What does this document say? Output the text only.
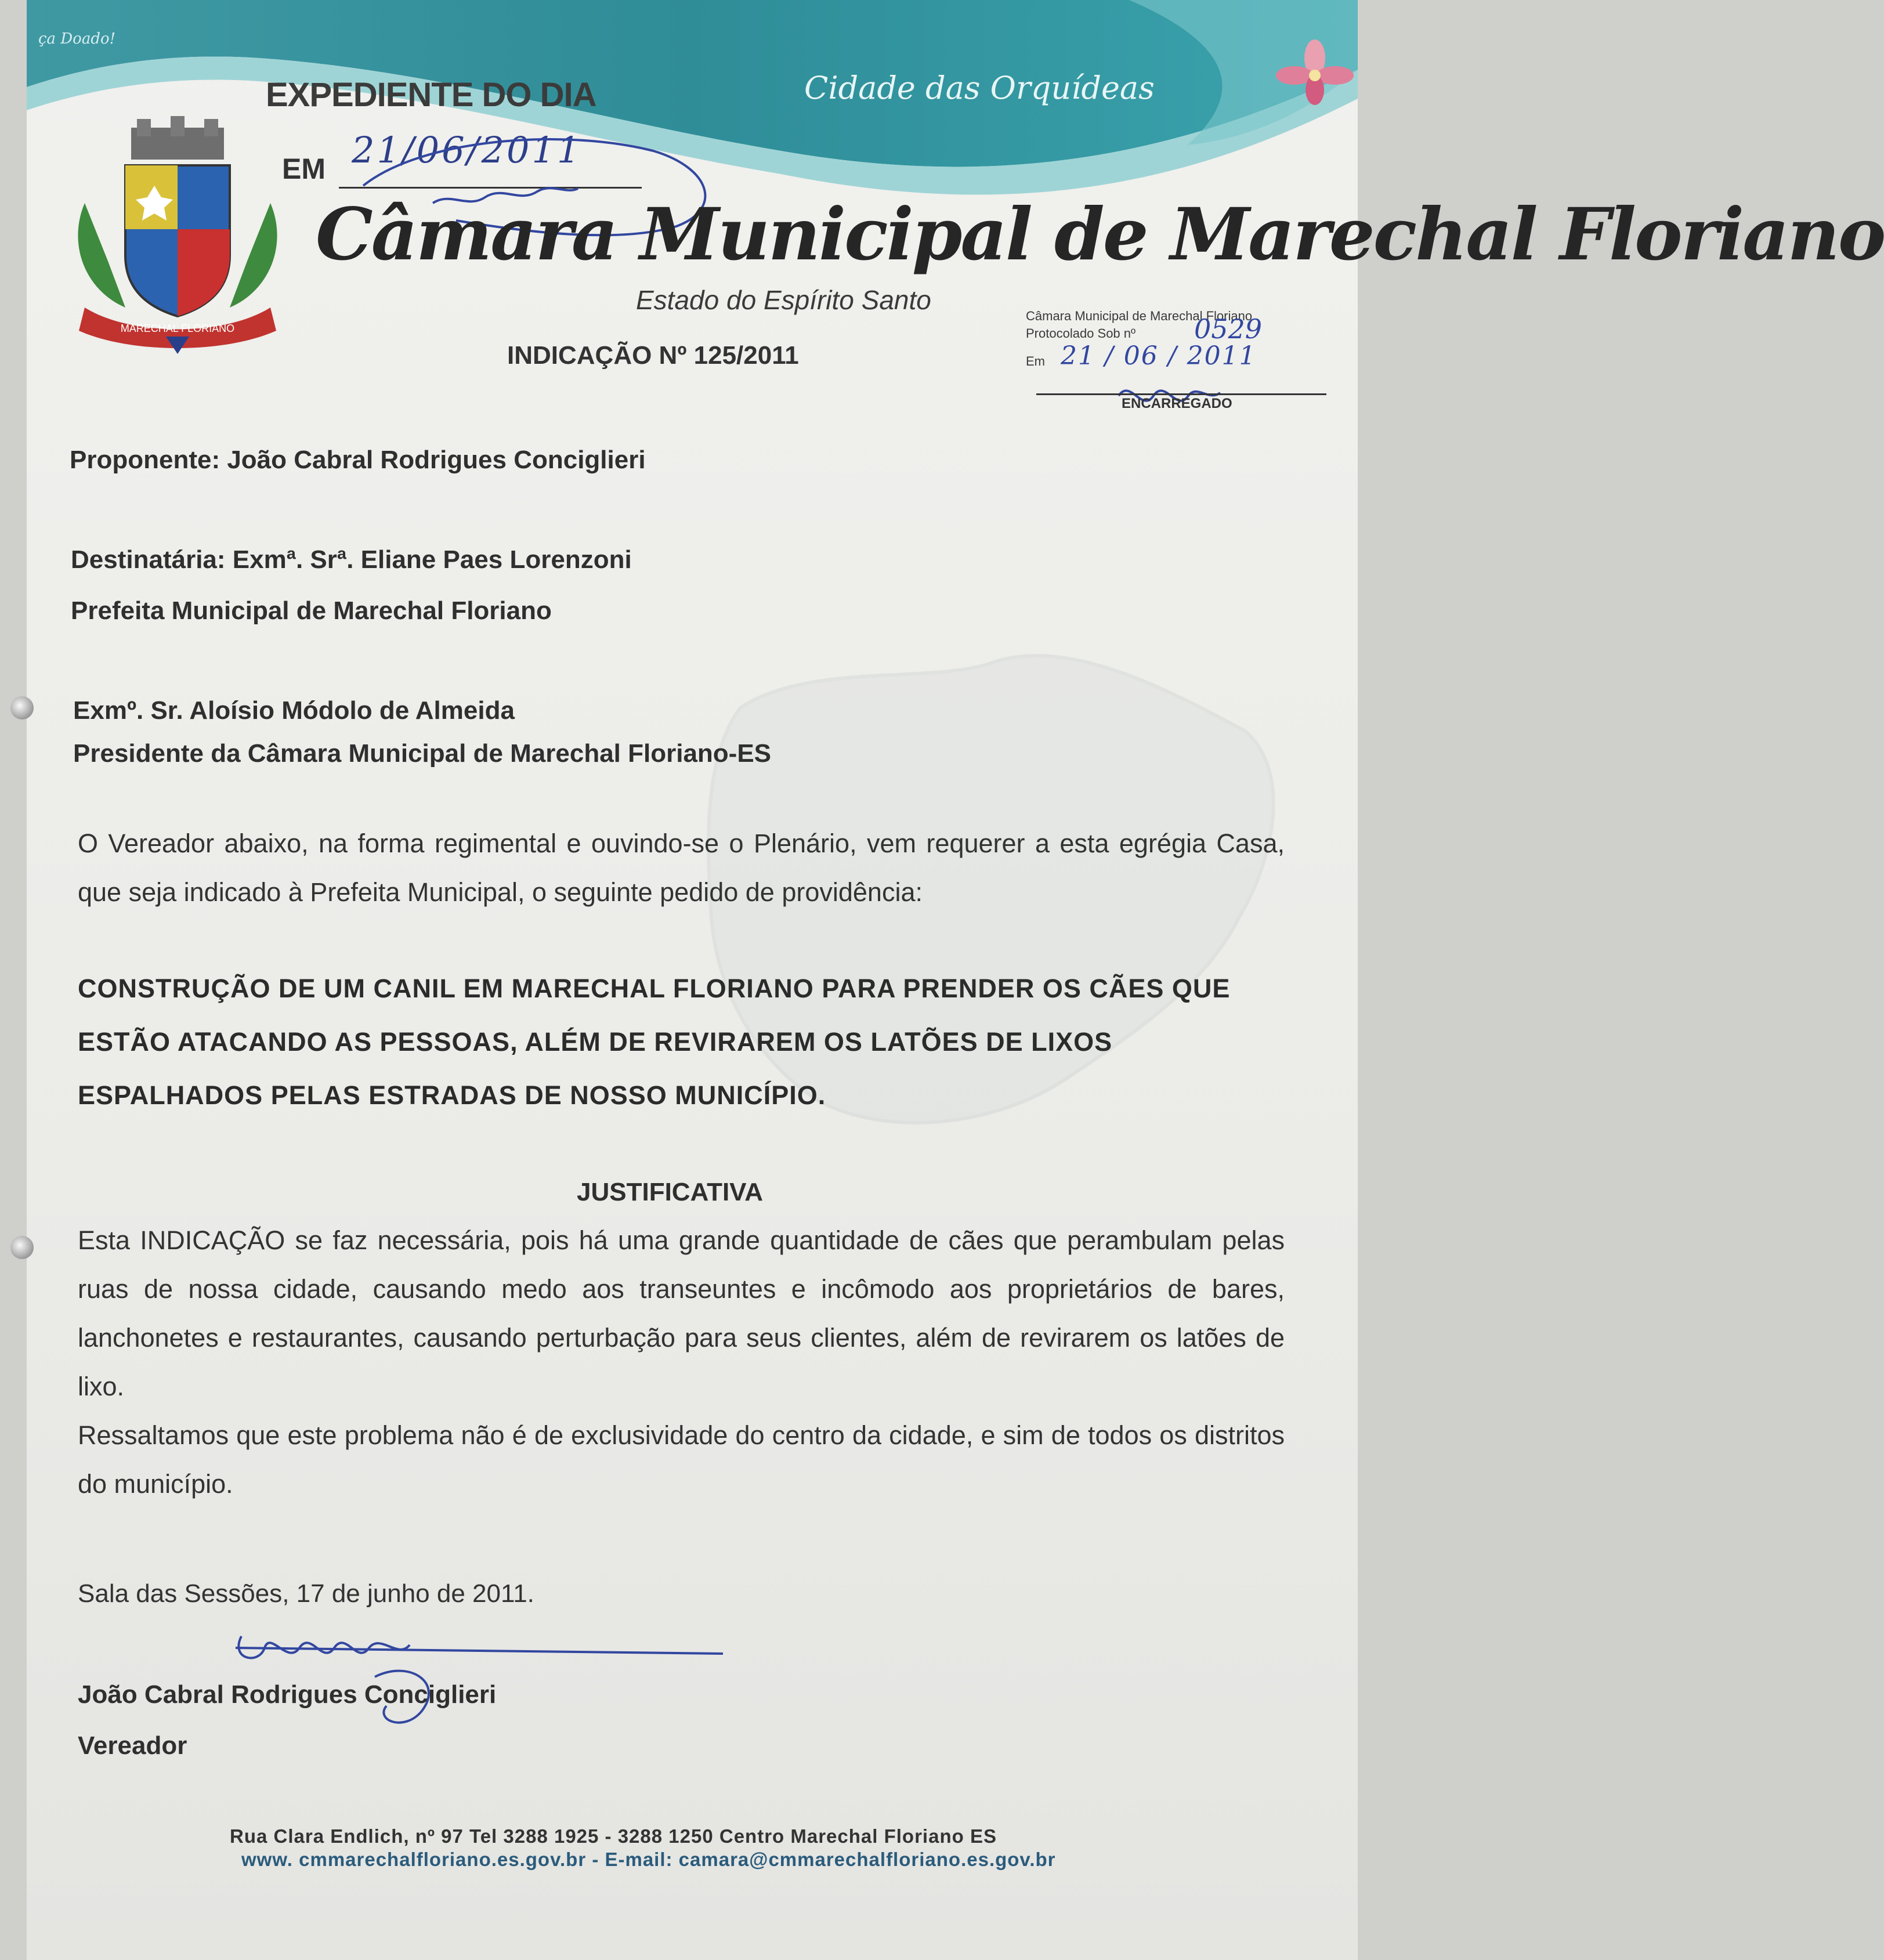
MARECHAL FLORIANO
ça Doado!
EXPEDIENTE DO DIA
EM 21/06/2011
Cidade das Orquídeas
Câmara Municipal de Marechal Floriano
Estado do Espírito Santo
INDICAÇÃO Nº 125/2011
Câmara Municipal de Marechal Floriano
Protocolado Sob nº 0529
Em 21 / 06 / 2011
ENCARREGADO
Proponente: João Cabral Rodrigues Conciglieri
Destinatária: Exmª. Srª. Eliane Paes Lorenzoni
Prefeita Municipal de Marechal Floriano
Exmº. Sr. Aloísio Módolo de Almeida
Presidente da Câmara Municipal de Marechal Floriano-ES
O Vereador abaixo, na forma regimental e ouvindo-se o Plenário, vem requerer a esta egrégia Casa, que seja indicado à Prefeita Municipal, o seguinte pedido de providência:
CONSTRUÇÃO DE UM CANIL EM MARECHAL FLORIANO PARA PRENDER OS CÃES QUE ESTÃO ATACANDO AS PESSOAS, ALÉM DE REVIRAREM OS LATÕES DE LIXOS ESPALHADOS PELAS ESTRADAS DE NOSSO MUNICÍPIO.
JUSTIFICATIVA
Esta INDICAÇÃO se faz necessária, pois há uma grande quantidade de cães que perambulam pelas ruas de nossa cidade, causando medo aos transeuntes e incômodo aos proprietários de bares, lanchonetes e restaurantes, causando perturbação para seus clientes, além de revirarem os latões de lixo.
Ressaltamos que este problema não é de exclusividade do centro da cidade, e sim de todos os distritos do município.
Sala das Sessões, 17 de junho de 2011.
João Cabral Rodrigues Conciglieri
Vereador
Rua Clara Endlich, nº 97 Tel 3288 1925 - 3288 1250 Centro Marechal Floriano ES
www. cmmarechalfloriano.es.gov.br - E-mail: camara@cmmarechalfloriano.es.gov.br
